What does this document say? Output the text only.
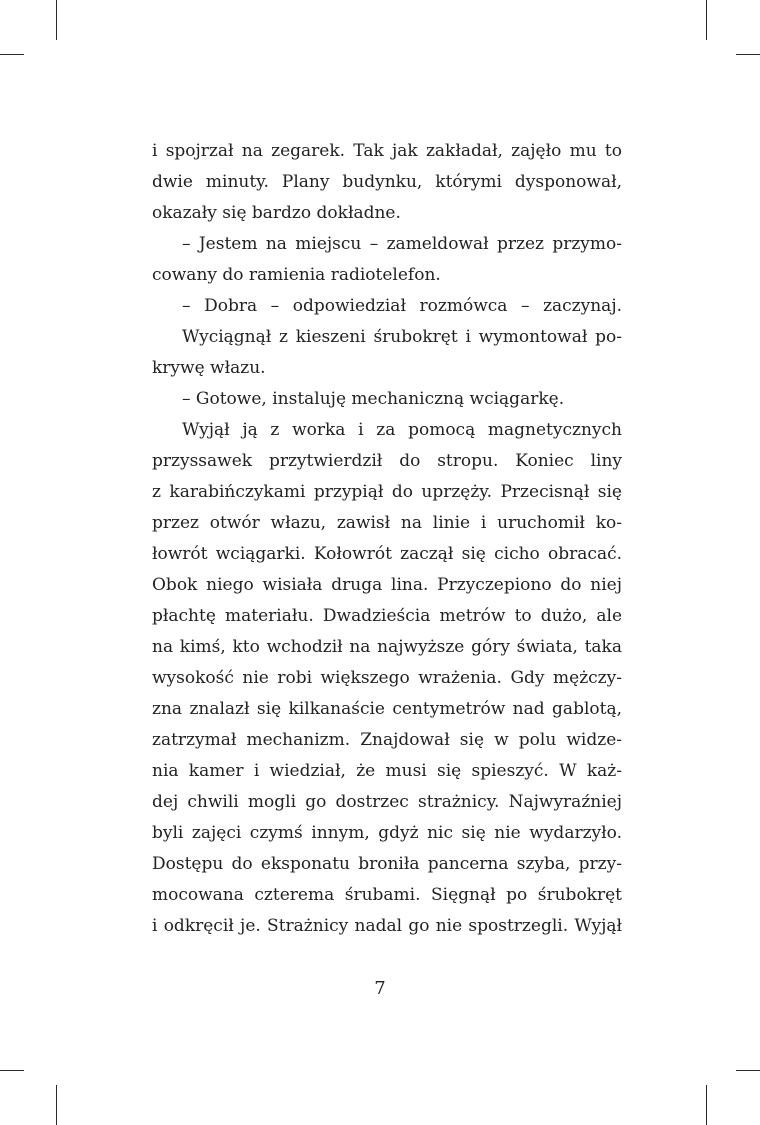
i spojrzał na zegarek. Tak jak zakładał, zajęło mu to
dwie minuty. Plany budynku, którymi dysponował,
okazały się bardzo dokładne.
– Jestem na miejscu – zameldował przez przymo-
cowany do ramienia radiotelefon.
– Dobra – odpowiedział rozmówca – zaczynaj.
Wyciągnął z kieszeni śrubokręt i wymontował po-
krywę włazu.
– Gotowe, instaluję mechaniczną wciągarkę.
Wyjął ją z worka i za pomocą magnetycznych
przyssawek przytwierdził do stropu. Koniec liny
z karabińczykami przypiął do uprzęży. Przecisnął się
przez otwór włazu, zawisł na linie i uruchomił ko-
łowrót wciągarki. Kołowrót zaczął się cicho obracać.
Obok niego wisiała druga lina. Przyczepiono do niej
płachtę materiału. Dwadzieścia metrów to dużo, ale
na kimś, kto wchodził na najwyższe góry świata, taka
wysokość nie robi większego wrażenia. Gdy mężczy-
zna znalazł się kilkanaście centymetrów nad gablotą,
zatrzymał mechanizm. Znajdował się w polu widze-
nia kamer i wiedział, że musi się spieszyć. W każ-
dej chwili mogli go dostrzec strażnicy. Najwyraźniej
byli zajęci czymś innym, gdyż nic się nie wydarzyło.
Dostępu do eksponatu broniła pancerna szyba, przy-
mocowana czterema śrubami. Sięgnął po śrubokręt
i odkręcił je. Strażnicy nadal go nie spostrzegli. Wyjął
7
